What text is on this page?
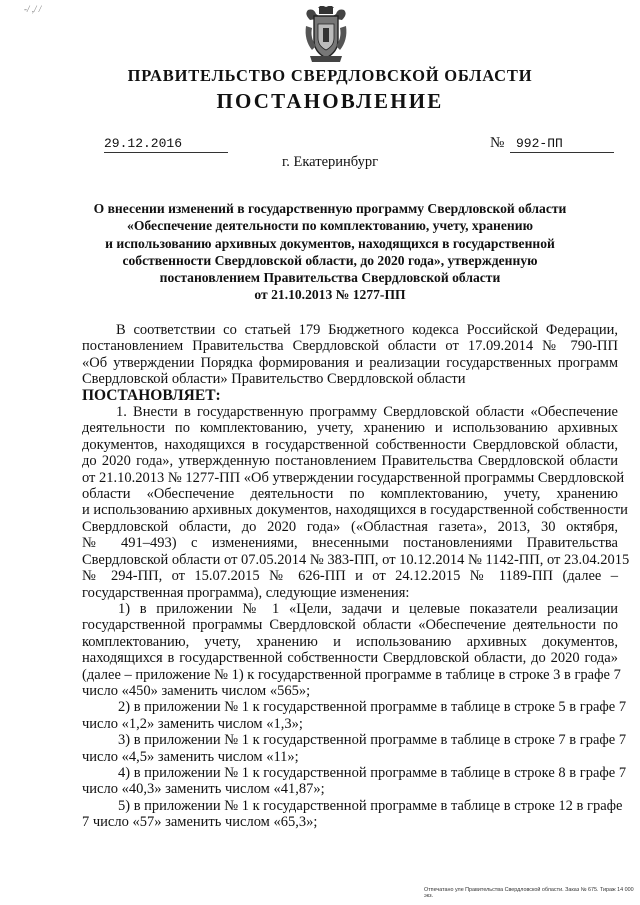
-/ ,/ /
ПРАВИТЕЛЬСТВО СВЕРДЛОВСКОЙ ОБЛАСТИ
ПОСТАНОВЛЕНИЕ
29.12.2016	№ 992-ПП
г. Екатеринбург
О внесении изменений в государственную программу Свердловской области
«Обеспечение деятельности по комплектованию, учету, хранению
и использованию архивных документов, находящихся в государственной
собственности Свердловской области, до 2020 года», утвержденную
постановлением Правительства Свердловской области
от 21.10.2013 № 1277-ПП
В соответствии со статьей 179 Бюджетного кодекса Российской Федерации,
постановлением Правительства Свердловской области от 17.09.2014 № 790-ПП
«Об утверждении Порядка формирования и реализации государственных программ
Свердловской области» Правительство Свердловской области
ПОСТАНОВЛЯЕТ:
1. Внести в государственную программу Свердловской области «Обеспечение
деятельности по комплектованию, учету, хранению и использованию архивных
документов, находящихся в государственной собственности Свердловской области,
до 2020 года», утвержденную постановлением Правительства Свердловской области
от 21.10.2013 № 1277-ПП «Об утверждении государственной программы Свердловской
области «Обеспечение деятельности по комплектованию, учету, хранению
и использованию архивных документов, находящихся в государственной собственности
Свердловской области, до 2020 года» («Областная газета», 2013, 30 октября,
№ 491–493) с изменениями, внесенными постановлениями Правительства
Свердловской области от 07.05.2014 № 383-ПП, от 10.12.2014 № 1142-ПП, от 23.04.2015
№ 294-ПП, от 15.07.2015 № 626-ПП и от 24.12.2015 № 1189-ПП (далее –
государственная программа), следующие изменения:
1) в приложении № 1 «Цели, задачи и целевые показатели реализации
государственной программы Свердловской области «Обеспечение деятельности по
комплектованию, учету, хранению и использованию архивных документов,
находящихся в государственной собственности Свердловской области, до 2020 года»
(далее – приложение № 1) к государственной программе в таблице в строке 3 в графе 7
число «450» заменить числом «565»;
2) в приложении № 1 к государственной программе в таблице в строке 5 в графе 7
число «1,2» заменить числом «1,3»;
3) в приложении № 1 к государственной программе в таблице в строке 7 в графе 7
число «4,5» заменить числом «11»;
4) в приложении № 1 к государственной программе в таблице в строке 8 в графе 7
число «40,3» заменить числом «41,87»;
5) в приложении № 1 к государственной программе в таблице в строке 12 в графе
7 число «57» заменить числом «65,3»;
Отпечатано уле Правительства Свердловской области. Заказ № 675. Тираж 14 000 экз.
